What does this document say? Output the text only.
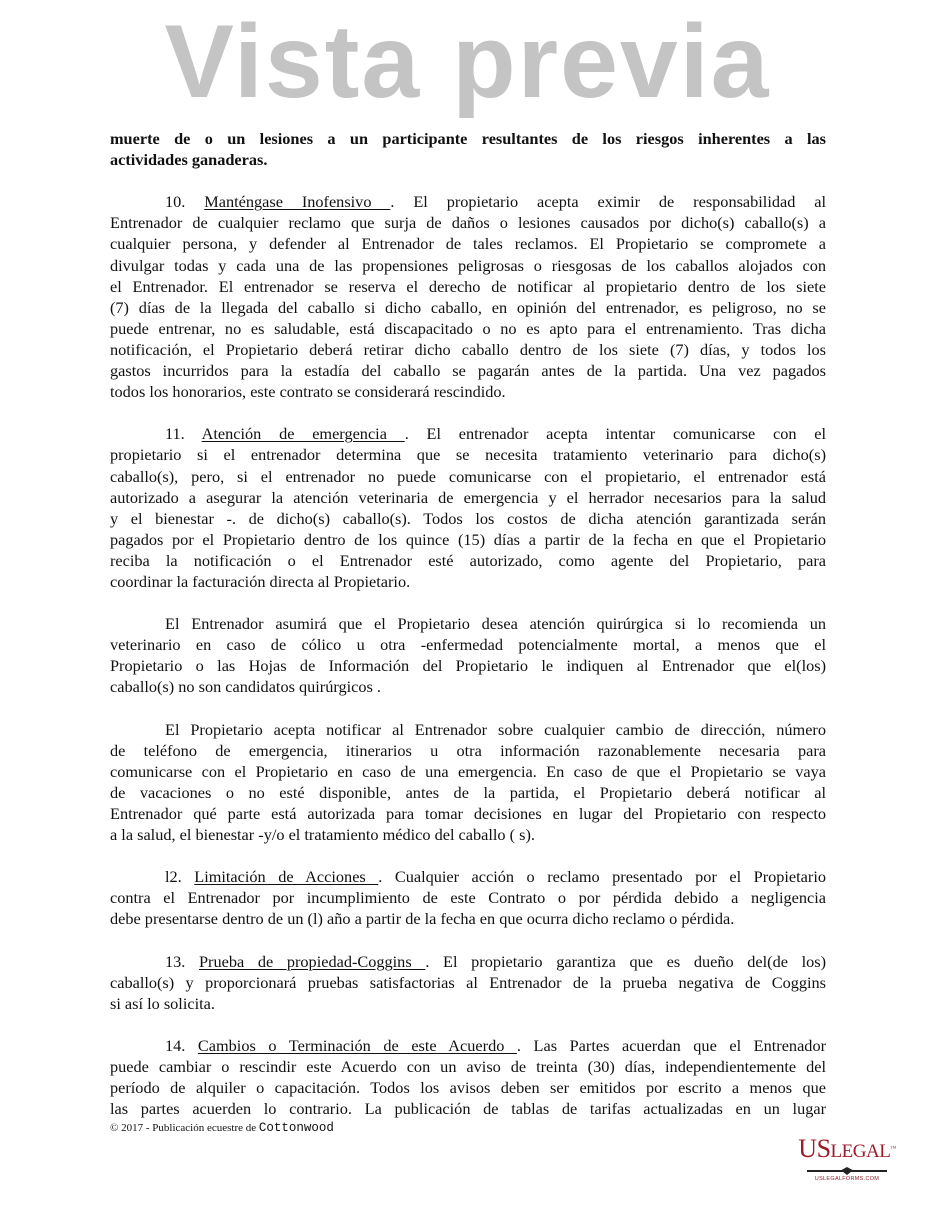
Vista previa
muerte de o un lesiones a un participante resultantes de los riesgos inherentes a las
actividades ganaderas.
10. Manténgase Inofensivo . El propietario acepta eximir de responsabilidad al
Entrenador de cualquier reclamo que surja de daños o lesiones causados por dicho(s) caballo(s) a
cualquier persona, y defender al Entrenador de tales reclamos. El Propietario se compromete a
divulgar todas y cada una de las propensiones peligrosas o riesgosas de los caballos alojados con
el Entrenador. El entrenador se reserva el derecho de notificar al propietario dentro de los siete
(7) días de la llegada del caballo si dicho caballo, en opinión del entrenador, es peligroso, no se
puede entrenar, no es saludable, está discapacitado o no es apto para el entrenamiento. Tras dicha
notificación, el Propietario deberá retirar dicho caballo dentro de los siete (7) días, y todos los
gastos incurridos para la estadía del caballo se pagarán antes de la partida. Una vez pagados
todos los honorarios, este contrato se considerará rescindido.
11. Atención de emergencia . El entrenador acepta intentar comunicarse con el
propietario si el entrenador determina que se necesita tratamiento veterinario para dicho(s)
caballo(s), pero, si el entrenador no puede comunicarse con el propietario, el entrenador está
autorizado a asegurar la atención veterinaria de emergencia y el herrador necesarios para la salud
y el bienestar -. de dicho(s) caballo(s). Todos los costos de dicha atención garantizada serán
pagados por el Propietario dentro de los quince (15) días a partir de la fecha en que el Propietario
reciba la notificación o el Entrenador esté autorizado, como agente del Propietario, para
coordinar la facturación directa al Propietario.
El Entrenador asumirá que el Propietario desea atención quirúrgica si lo recomienda un
veterinario en caso de cólico u otra -enfermedad potencialmente mortal, a menos que el
Propietario o las Hojas de Información del Propietario le indiquen al Entrenador que el(los)
caballo(s) no son candidatos quirúrgicos .
El Propietario acepta notificar al Entrenador sobre cualquier cambio de dirección, número
de teléfono de emergencia, itinerarios u otra información razonablemente necesaria para
comunicarse con el Propietario en caso de una emergencia. En caso de que el Propietario se vaya
de vacaciones o no esté disponible, antes de la partida, el Propietario deberá notificar al
Entrenador qué parte está autorizada para tomar decisiones en lugar del Propietario con respecto
a la salud, el bienestar -y/o el tratamiento médico del caballo ( s).
l2. Limitación de Acciones . Cualquier acción o reclamo presentado por el Propietario
contra el Entrenador por incumplimiento de este Contrato o por pérdida debido a negligencia
debe presentarse dentro de un (l) año a partir de la fecha en que ocurra dicho reclamo o pérdida.
13. Prueba de propiedad-Coggins . El propietario garantiza que es dueño del(de los)
caballo(s) y proporcionará pruebas satisfactorias al Entrenador de la prueba negativa de Coggins
si así lo solicita.
14. Cambios o Terminación de este Acuerdo . Las Partes acuerdan que el Entrenador
puede cambiar o rescindir este Acuerdo con un aviso de treinta (30) días, independientemente del
período de alquiler o capacitación. Todos los avisos deben ser emitidos por escrito a menos que
las partes acuerden lo contrario. La publicación de tablas de tarifas actualizadas en un lugar
© 2017 - Publicación ecuestre de Cottonwood
USLEGAL™
USLEGALFORMS.COM
